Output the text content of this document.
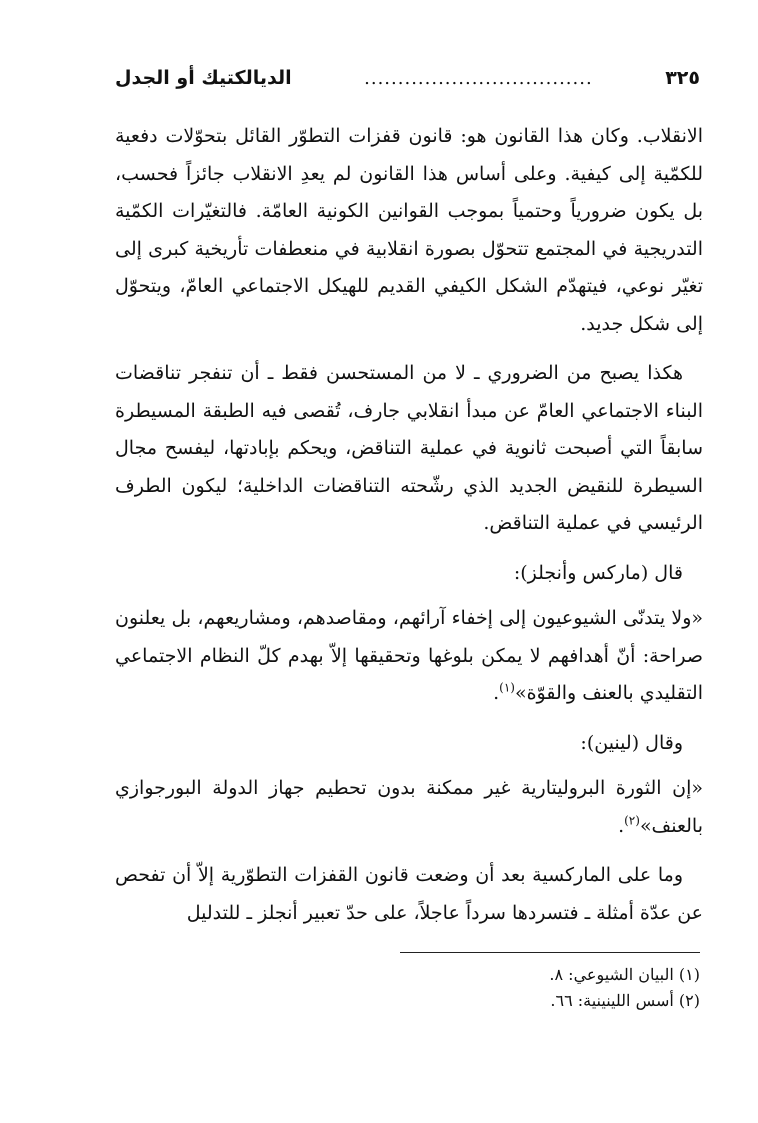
الديالكتيك أو الجدل	..................................	٣٢٥

الانقلاب. وكان هذا القانون هو: قانون قفزات التطوّر القائل بتحوّلات دفعية للكمّية إلى كيفية. وعلى أساس هذا القانون لم يعدِ الانقلاب جائزاً فحسب، بل يكون ضرورياً وحتمياً بموجب القوانين الكونية العامّة. فالتغيّرات الكمّية التدريجية في المجتمع تتحوّل بصورة انقلابية في منعطفات تأريخية كبرى إلى تغيّر نوعي، فيتهدّم الشكل الكيفي القديم للهيكل الاجتماعي العامّ، ويتحوّل إلى شكل جديد.

هكذا يصبح من الضروري ـ لا من المستحسن فقط ـ أن تنفجر تناقضات البناء الاجتماعي العامّ عن مبدأ انقلابي جارف، تُقصى فيه الطبقة المسيطرة سابقاً التي أصبحت ثانوية في عملية التناقض، ويحكم بإبادتها، ليفسح مجال السيطرة للنقيض الجديد الذي رشّحته التناقضات الداخلية؛ ليكون الطرف الرئيسي في عملية التناقض.

قال (ماركس وأنجلز):

«ولا يتدنّى الشيوعيون إلى إخفاء آرائهم، ومقاصدهم، ومشاريعهم، بل يعلنون صراحة: أنّ أهدافهم لا يمكن بلوغها وتحقيقها إلاّ بهدم كلّ النظام الاجتماعي التقليدي بالعنف والقوّة»$^{(١)}$.

وقال (لينين):

«إن الثورة البروليتارية غير ممكنة بدون تحطيم جهاز الدولة البورجوازي بالعنف»$^{(٢)}$.

وما على الماركسية بعد أن وضعت قانون القفزات التطوّرية إلاّ أن تفحص عن عدّة أمثلة ـ فتسردها سرداً عاجلاً، على حدّ تعبير أنجلز ـ للتدليل

(١) البيان الشيوعي: ٨.
(٢) أسس اللينينية: ٦٦.
